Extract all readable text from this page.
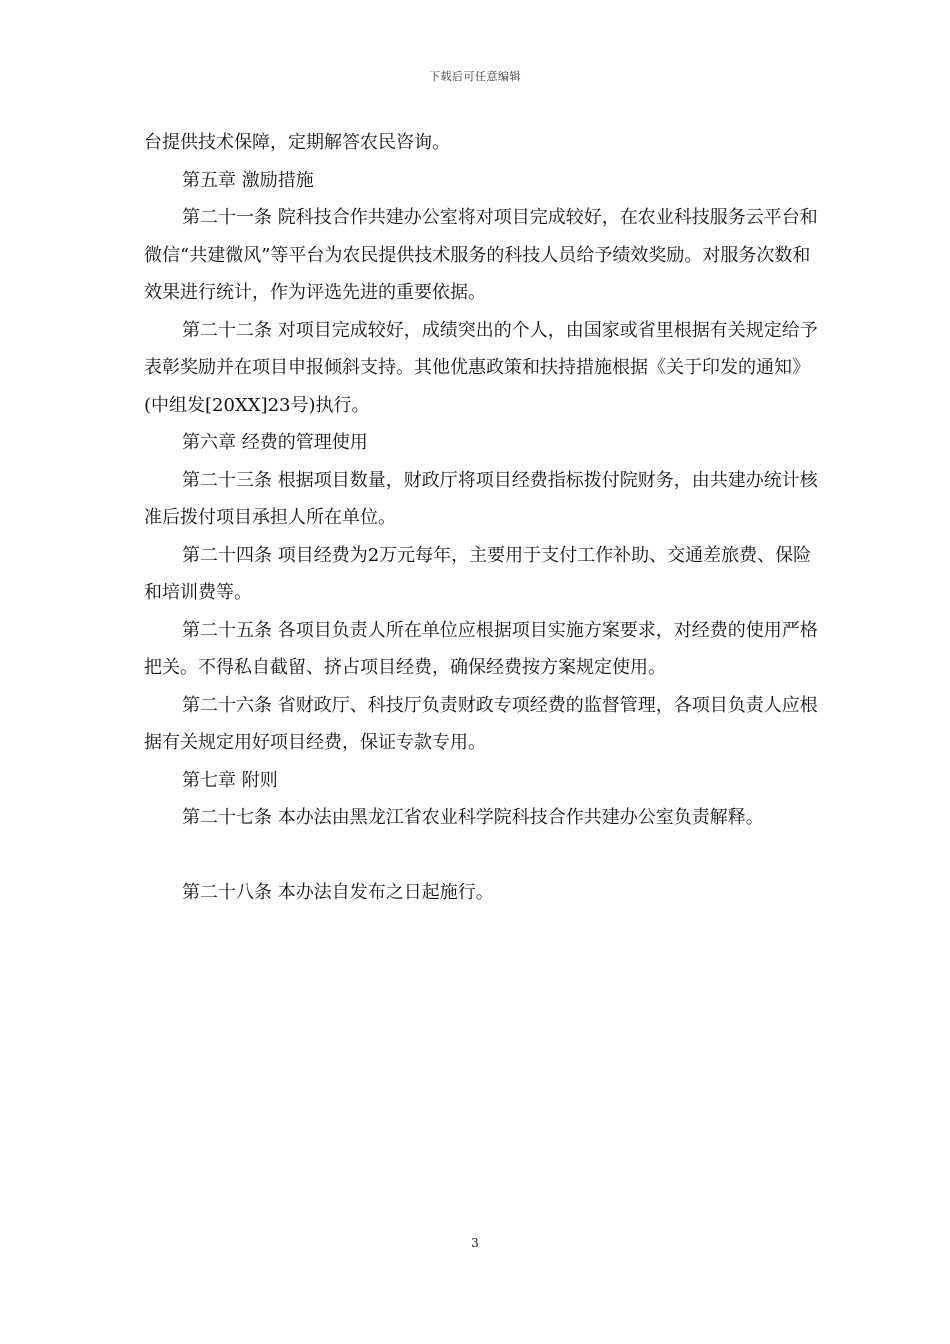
下载后可任意编辑

台提供技术保障，定期解答农民咨询。

第五章 激励措施

第二十一条 院科技合作共建办公室将对项目完成较好，在农业科技服务云平台和微信“共建微风”等平台为农民提供技术服务的科技人员给予绩效奖励。对服务次数和效果进行统计，作为评选先进的重要依据。

第二十二条 对项目完成较好，成绩突出的个人，由国家或省里根据有关规定给予表彰奖励并在项目申报倾斜支持。其他优惠政策和扶持措施根据《关于印发的通知》(中组发[20XX]23号)执行。

第六章 经费的管理使用

第二十三条 根据项目数量，财政厅将项目经费指标拨付院财务，由共建办统计核准后拨付项目承担人所在单位。

第二十四条 项目经费为2万元每年，主要用于支付工作补助、交通差旅费、保险和培训费等。

第二十五条 各项目负责人所在单位应根据项目实施方案要求，对经费的使用严格把关。不得私自截留、挤占项目经费，确保经费按方案规定使用。

第二十六条 省财政厅、科技厅负责财政专项经费的监督管理，各项目负责人应根据有关规定用好项目经费，保证专款专用。

第七章 附则

第二十七条 本办法由黑龙江省农业科学院科技合作共建办公室负责解释。

第二十八条 本办法自发布之日起施行。

3
